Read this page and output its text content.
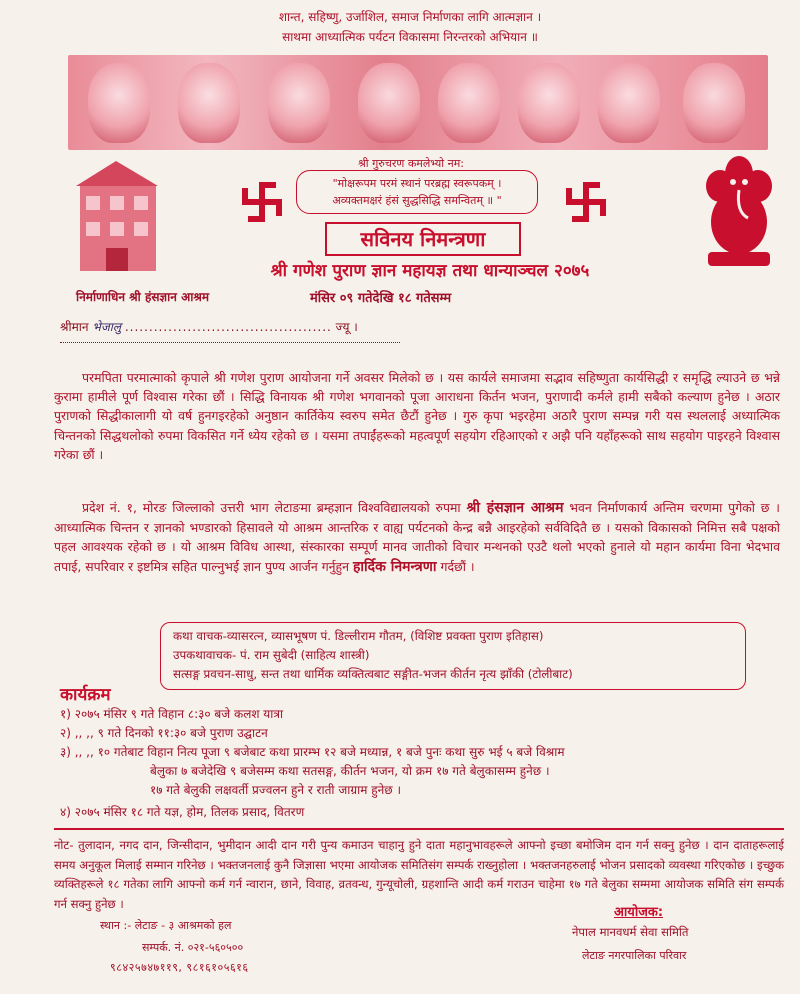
शान्त, सहिष्णु, उर्जाशिल, समाज निर्माणका लागि आत्मज्ञान ।
साथमा आध्यात्मिक पर्यटन विकासमा निरन्तरको अभियान ॥
श्री गुरुचरण कमलेभ्यो नम:
"मोक्षरूपम परमं स्थानं परब्रह्म स्वरूपकम् ।
अव्यक्तमक्षरं हंसं सुद्धसिद्धि समन्वितम् ॥ "
सविनय निमन्त्रणा
श्री गणेश पुराण ज्ञान महायज्ञ तथा धान्याञ्चल २०७५
निर्माणाधिन श्री हंसज्ञान आश्रम	मंसिर ०९ गतेदेखि १८ गतेसम्म
श्रीमान भेजालु ........................................... ज्यू ।
परमपिता परमात्माको कृपाले श्री गणेश पुराण आयोजना गर्ने अवसर मिलेको छ । यस कार्यले समाजमा सद्भाव सहिष्णुता कार्यसिद्धी र समृद्धि ल्याउने छ भन्ने कुरामा हामीले पूर्ण विश्वास गरेका छौं । सिद्धि विनायक श्री गणेश भगवानको पूजा आराधना किर्तन भजन, पुराणादी कर्मले हामी सबैको कल्याण हुनेछ । अठार पुराणको सिद्धीकालागी यो वर्ष हुनगइरहेको अनुष्ठान कार्तिकेय स्वरुप समेत छैटौं हुनेछ । गुरु कृपा भइरहेमा अठारै पुराण सम्पन्न गरी यस स्थललाई अध्यात्मिक चिन्तनको सिद्धथलोको रुपमा विकसित गर्ने ध्येय रहेको छ । यसमा तपाईंहरूको महत्वपूर्ण सहयोग रहिआएको र अझै पनि यहाँहरूको साथ सहयोग पाइरहने विश्वास गरेका छौं ।
प्रदेश नं. १, मोरङ जिल्लाको उत्तरी भाग लेटाङमा ब्रम्हज्ञान विश्वविद्यालयको रुपमा श्री हंसज्ञान आश्रम भवन निर्माणकार्य अन्तिम चरणमा पुगेको छ । आध्यात्मिक चिन्तन र ज्ञानको भण्डारको हिसावले यो आश्रम आन्तरिक र वाह्य पर्यटनको केन्द्र बन्नै आइरहेको सर्वविदितै छ । यसको विकासको निमित्त सबै पक्षको पहल आवश्यक रहेको छ । यो आश्रम विविध आस्था, संस्कारका सम्पूर्ण मानव जातीको विचार मन्थनको एउटै थलो भएको हुनाले यो महान कार्यमा विना भेदभाव तपाई, सपरिवार र इष्टमित्र सहित पाल्नुभई ज्ञान पुण्य आर्जन गर्नुहुन हार्दिक निमन्त्रणा गर्दछौं ।
कथा वाचक-व्यासरत्न, व्यासभूषण पं. डिल्लीराम गौतम, (विशिष्ट प्रवक्ता पुराण इतिहास)
उपकथावाचक- पं. राम सुबेदी (साहित्य शास्त्री)
सत्सङ्ग प्रवचन-साधु, सन्त तथा धार्मिक व्यक्तित्वबाट सङ्गीत-भजन कीर्तन नृत्य झाँकी (टोलीबाट)
कार्यक्रम
१) २०७५ मंसिर ९ गते विहान ८:३० बजे कलश यात्रा
२) ,, ,, ९ गते दिनको ११:३० बजे पुराण उद्घाटन
३) ,, ,, १० गतेबाट विहान नित्य पूजा ९ बजेबाट कथा प्रारम्भ १२ बजे मध्यान्न, १ बजे पुनः कथा सुरु भई ५ बजे विश्राम
बेलुका ७ बजेदेखि ९ बजेसम्म कथा सतसङ्ग, कीर्तन भजन, यो क्रम १७ गते बेलुकासम्म हुनेछ ।
१७ गते बेलुकी लक्षवर्ती प्रज्वलन हुने र राती जाग्राम हुनेछ ।
४) २०७५ मंसिर १८ गते यज्ञ, होम, तिलक प्रसाद, वितरण
नोट- तुलादान, नगद दान, जिन्सीदान, भुमीदान आदी दान गरी पुन्य कमाउन चाहानु हुने दाता महानुभावहरूले आफ्नो इच्छा बमोजिम दान गर्न सक्नु हुनेछ । दान दाताहरूलाई समय अनुकूल मिलाई सम्मान गरिनेछ । भक्तजनलाई कुनै जिज्ञासा भएमा आयोजक समितिसंग सम्पर्क राख्नुहोला । भक्तजनहरुलाई भोजन प्रसादको व्यवस्था गरिएकोछ । इच्छुक व्यक्तिहरूले १८ गतेका लागि आफ्नो कर्म गर्न न्वारान, छाने, विवाह, व्रतवन्ध, गुन्यूचोली, ग्रहशान्ति आदी कर्म गराउन चाहेमा १७ गते बेलुका सम्ममा आयोजक समिति संग सम्पर्क गर्न सक्नु हुनेछ ।
स्थान :- लेटाङ - ३ आश्रमको हल
सम्पर्क. नं. ०२१-५६०५००
९८४२५७४७११९, ९८१६१०५६१६
आयोजक:
नेपाल मानवधर्म सेवा समिति
लेटाङ नगरपालिका परिवार
